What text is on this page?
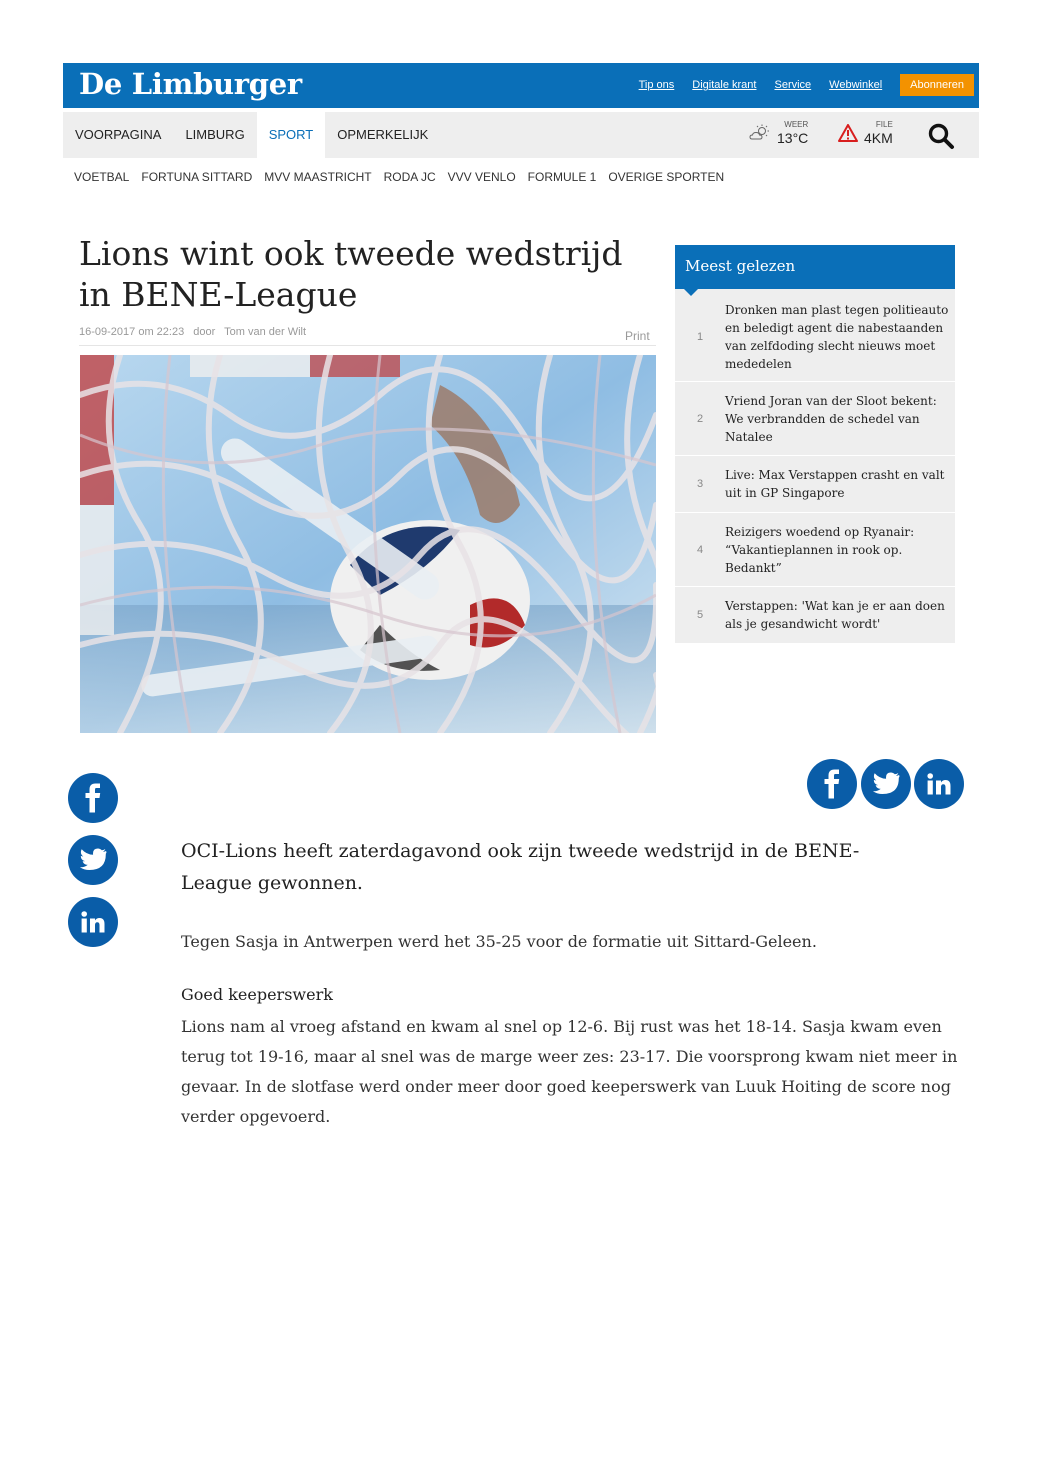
De Limburger	Tip ons Digitale krant Service Webwinkel	Abonneren
VOORPAGINA	LIMBURG	SPORT	OPMERKELIJK
WEER
13°C
FILE
4KM
VOETBAL FORTUNA SITTARD MVV MAASTRICHT RODA JC VVV VENLO FORMULE 1 OVERIGE SPORTEN
Lions wint ook tweede wedstrijd in BENE-League
16-09-2017 om 22:23 door Tom van der Wilt	Print
Meest gelezen
1
Dronken man plast tegen politieauto en beledigt agent die nabestaanden van zelfdoding slecht nieuws moet mededelen
2
Vriend Joran van der Sloot bekent: We verbrandden de schedel van Natalee
3
Live: Max Verstappen crasht en valt uit in GP Singapore
4
Reizigers woedend op Ryanair: “Vakantieplannen in rook op. Bedankt”
5
Verstappen: 'Wat kan je er aan doen als je gesandwicht wordt'

OCI-Lions heeft zaterdagavond ook zijn tweede wedstrijd in de BENE-League gewonnen.

Tegen Sasja in Antwerpen werd het 35-25 voor de formatie uit Sittard-Geleen.

Goed keeperswerk

Lions nam al vroeg afstand en kwam al snel op 12-6. Bij rust was het 18-14. Sasja kwam even terug tot 19-16, maar al snel was de marge weer zes: 23-17. Die voorsprong kwam niet meer in gevaar. In de slotfase werd onder meer door goed keeperswerk van Luuk Hoiting de score nog verder opgevoerd.
